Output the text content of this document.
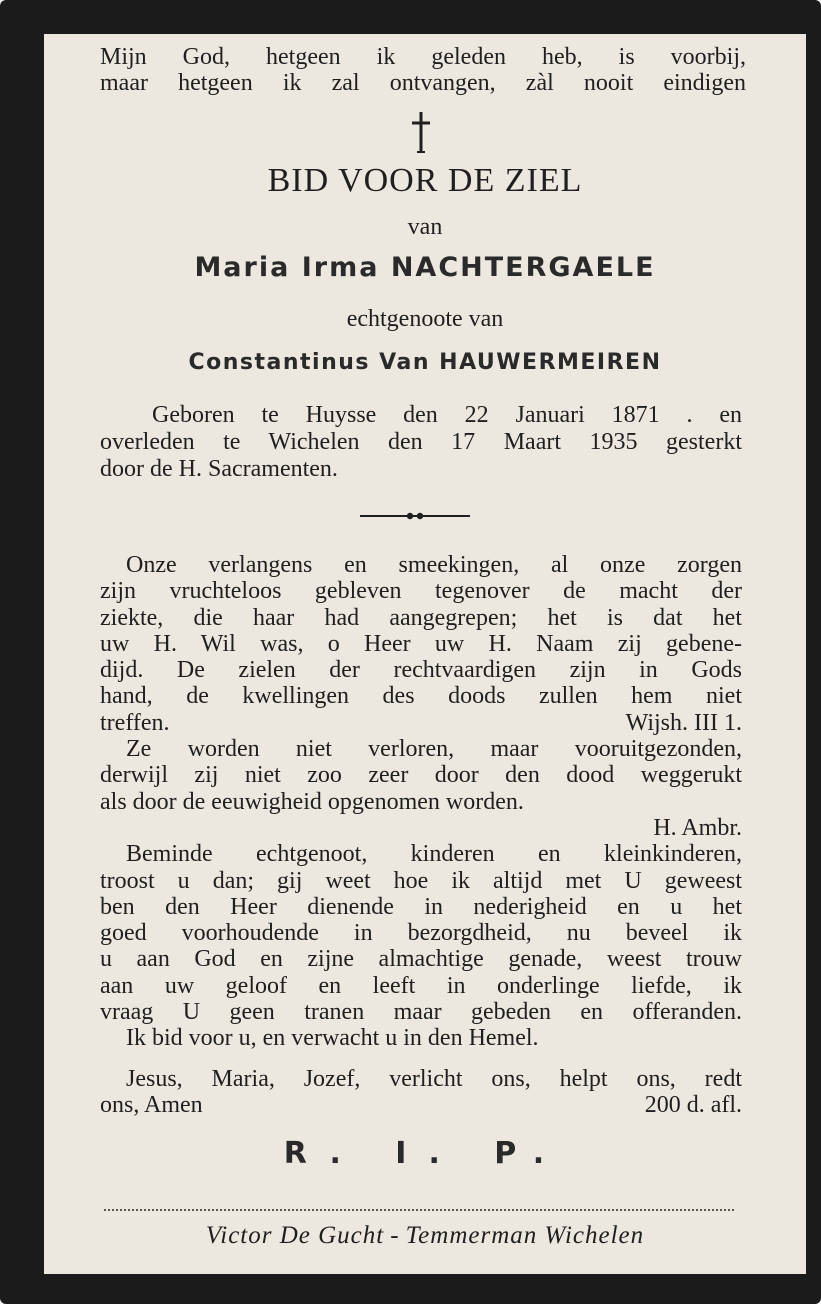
Mijn God, hetgeen ik geleden heb, is voorbij,
maar hetgeen ik zal ontvangen, zàl nooit eindigen
BID VOOR DE ZIEL
van
Maria Irma NACHTERGAELE
echtgenoote van
Constantinus Van HAUWERMEIREN
Geboren te Huysse den 22 Januari 1871 . en
overleden te Wichelen den 17 Maart 1935 gesterkt
door de H. Sacramenten.
Onze verlangens en smeekingen, al onze zorgen
zijn vruchteloos gebleven tegenover de macht der
ziekte, die haar had aangegrepen; het is dat het
uw H. Wil was, o Heer uw H. Naam zij gebene-
dijd. De zielen der rechtvaardigen zijn in Gods
hand, de kwellingen des doods zullen hem niet
treffen.	Wijsh. III 1.
Ze worden niet verloren, maar vooruitgezonden,
derwijl zij niet zoo zeer door den dood weggerukt
als door de eeuwigheid opgenomen worden.
H. Ambr.
Beminde echtgenoot, kinderen en kleinkinderen,
troost u dan; gij weet hoe ik altijd met U geweest
ben den Heer dienende in nederigheid en u het
goed voorhoudende in bezorgdheid, nu beveel ik
u aan God en zijne almachtige genade, weest trouw
aan uw geloof en leeft in onderlinge liefde, ik
vraag U geen tranen maar gebeden en offeranden.
Ik bid voor u, en verwacht u in den Hemel.
Jesus, Maria, Jozef, verlicht ons, helpt ons, redt
ons, Amen	200 d. afl.
R. I. P.
Victor De Gucht - Temmerman Wichelen
